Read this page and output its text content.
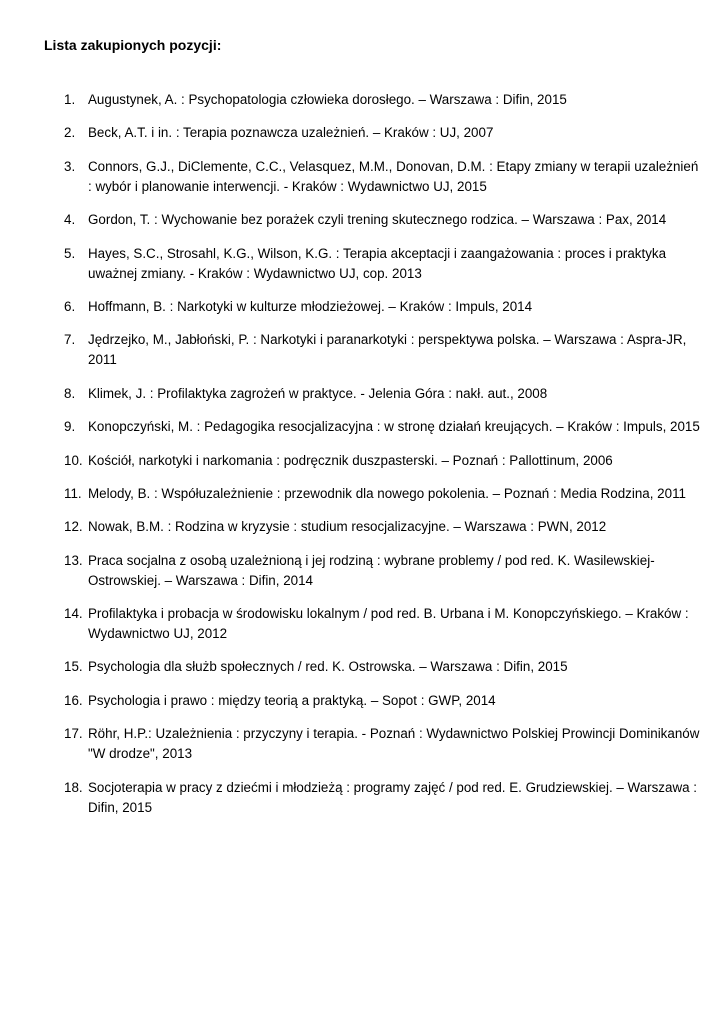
Lista zakupionych pozycji:
1. Augustynek, A. : Psychopatologia człowieka dorosłego. – Warszawa : Difin, 2015
2. Beck, A.T. i in. : Terapia poznawcza uzależnień. – Kraków : UJ, 2007
3. Connors, G.J., DiClemente, C.C., Velasquez, M.M., Donovan, D.M. : Etapy zmiany w terapii uzależnień : wybór i planowanie interwencji. - Kraków : Wydawnictwo UJ, 2015
4. Gordon, T. : Wychowanie bez porażek czyli trening skutecznego rodzica. – Warszawa : Pax, 2014
5. Hayes, S.C., Strosahl, K.G., Wilson, K.G. : Terapia akceptacji i zaangażowania : proces i praktyka uważnej zmiany. - Kraków : Wydawnictwo UJ, cop. 2013
6. Hoffmann, B. : Narkotyki w kulturze młodzieżowej. – Kraków : Impuls, 2014
7. Jędrzejko, M., Jabłoński, P. : Narkotyki i paranarkotyki : perspektywa polska. – Warszawa : Aspra-JR, 2011
8. Klimek, J. : Profilaktyka zagrożeń w praktyce. - Jelenia Góra : nakł. aut., 2008
9. Konopczyński, M. : Pedagogika resocjalizacyjna : w stronę działań kreujących. – Kraków : Impuls, 2015
10. Kościół, narkotyki i narkomania : podręcznik duszpasterski. – Poznań : Pallottinum, 2006
11. Melody, B. : Współuzależnienie : przewodnik dla nowego pokolenia. – Poznań : Media Rodzina, 2011
12. Nowak, B.M. : Rodzina w kryzysie : studium resocjalizacyjne. – Warszawa : PWN, 2012
13. Praca socjalna z osobą uzależnioną i jej rodziną : wybrane problemy / pod red. K. Wasilewskiej-Ostrowskiej. – Warszawa : Difin, 2014
14. Profilaktyka i probacja w środowisku lokalnym / pod red. B. Urbana i M. Konopczyńskiego. – Kraków : Wydawnictwo UJ, 2012
15. Psychologia dla służb społecznych / red. K. Ostrowska. – Warszawa : Difin, 2015
16. Psychologia i prawo : między teorią a praktyką. – Sopot : GWP, 2014
17. Röhr, H.P.: Uzależnienia : przyczyny i terapia. - Poznań : Wydawnictwo Polskiej Prowincji Dominikanów "W drodze", 2013
18. Socjoterapia w pracy z dziećmi i młodzieżą : programy zajęć / pod red. E. Grudziewskiej. – Warszawa : Difin, 2015
